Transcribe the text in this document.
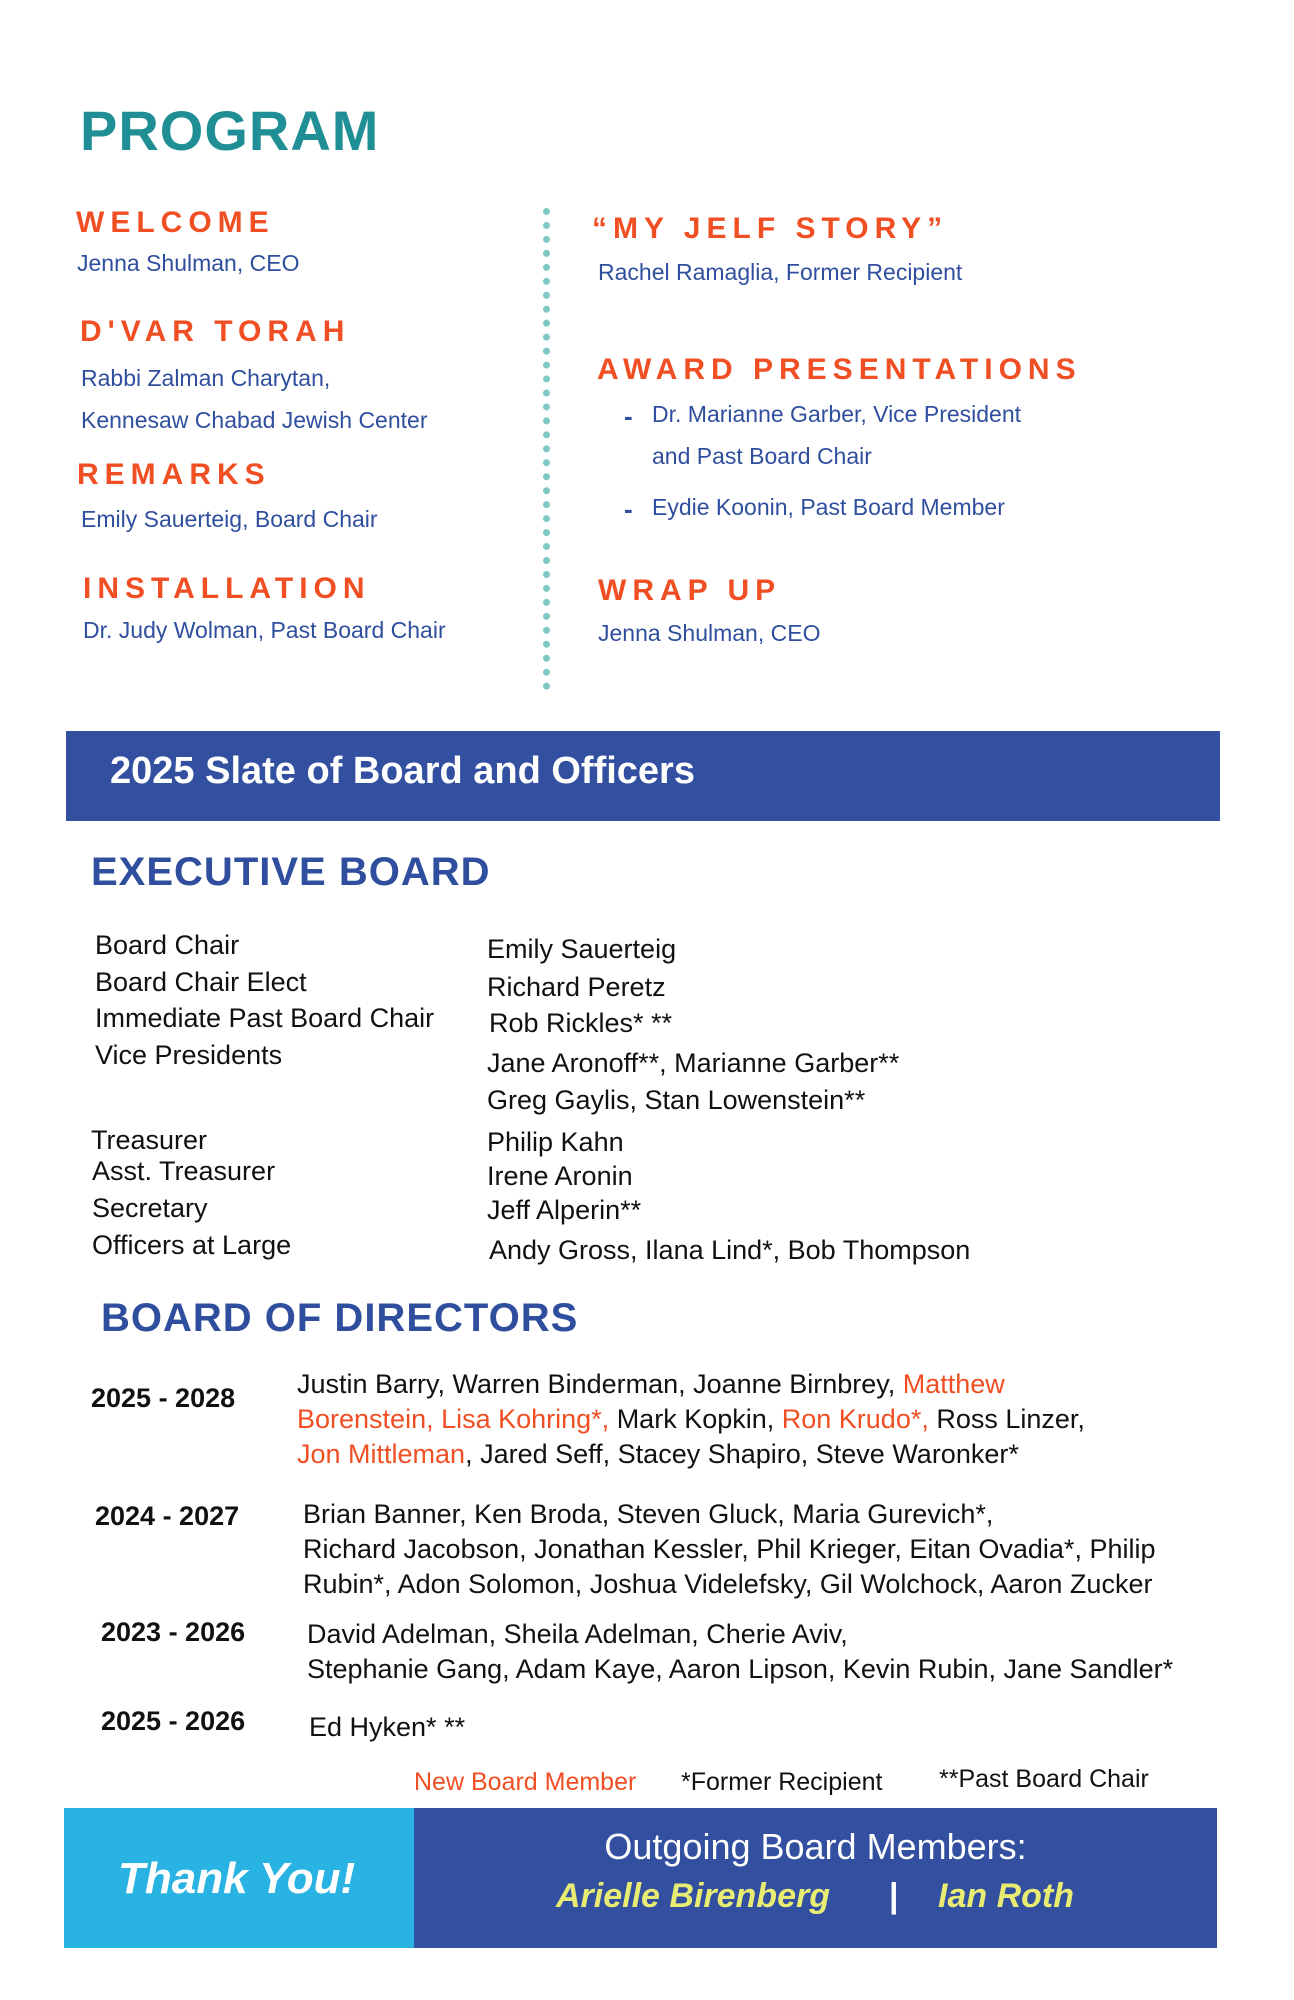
PROGRAM
WELCOME
Jenna Shulman, CEO
D'VAR TORAH
Rabbi Zalman Charytan,
Kennesaw Chabad Jewish Center
REMARKS
Emily Sauerteig, Board Chair
INSTALLATION
Dr. Judy Wolman, Past Board Chair
“MY JELF STORY”
Rachel Ramaglia, Former Recipient
AWARD PRESENTATIONS
- Dr. Marianne Garber, Vice President
and Past Board Chair
- Eydie Koonin, Past Board Member
WRAP UP
Jenna Shulman, CEO
2025 Slate of Board and Officers
EXECUTIVE BOARD
Board Chair	Emily Sauerteig
Board Chair Elect	Richard Peretz
Immediate Past Board Chair Rob Rickles* **
Vice Presidents	Jane Aronoff**, Marianne Garber**
Greg Gaylis, Stan Lowenstein**
Treasurer	Philip Kahn
Asst. Treasurer	Irene Aronin
Secretary	Jeff Alperin**
Officers at Large	Andy Gross, Ilana Lind*, Bob Thompson
BOARD OF DIRECTORS
2025 - 2028 Justin Barry, Warren Binderman, Joanne Birnbrey, Matthew
Borenstein, Lisa Kohring*, Mark Kopkin, Ron Krudo*, Ross Linzer,
Jon Mittleman, Jared Seff, Stacey Shapiro, Steve Waronker*
2024 - 2027 Brian Banner, Ken Broda, Steven Gluck, Maria Gurevich*,
Richard Jacobson, Jonathan Kessler, Phil Krieger, Eitan Ovadia*, Philip
Rubin*, Adon Solomon, Joshua Videlefsky, Gil Wolchock, Aaron Zucker
2023 - 2026 David Adelman, Sheila Adelman, Cherie Aviv,
Stephanie Gang, Adam Kaye, Aaron Lipson, Kevin Rubin, Jane Sandler*
2025 - 2026 Ed Hyken* **
New Board Member *Former Recipient **Past Board Chair
Thank You!
Outgoing Board Members:
Arielle Birenberg | Ian Roth
